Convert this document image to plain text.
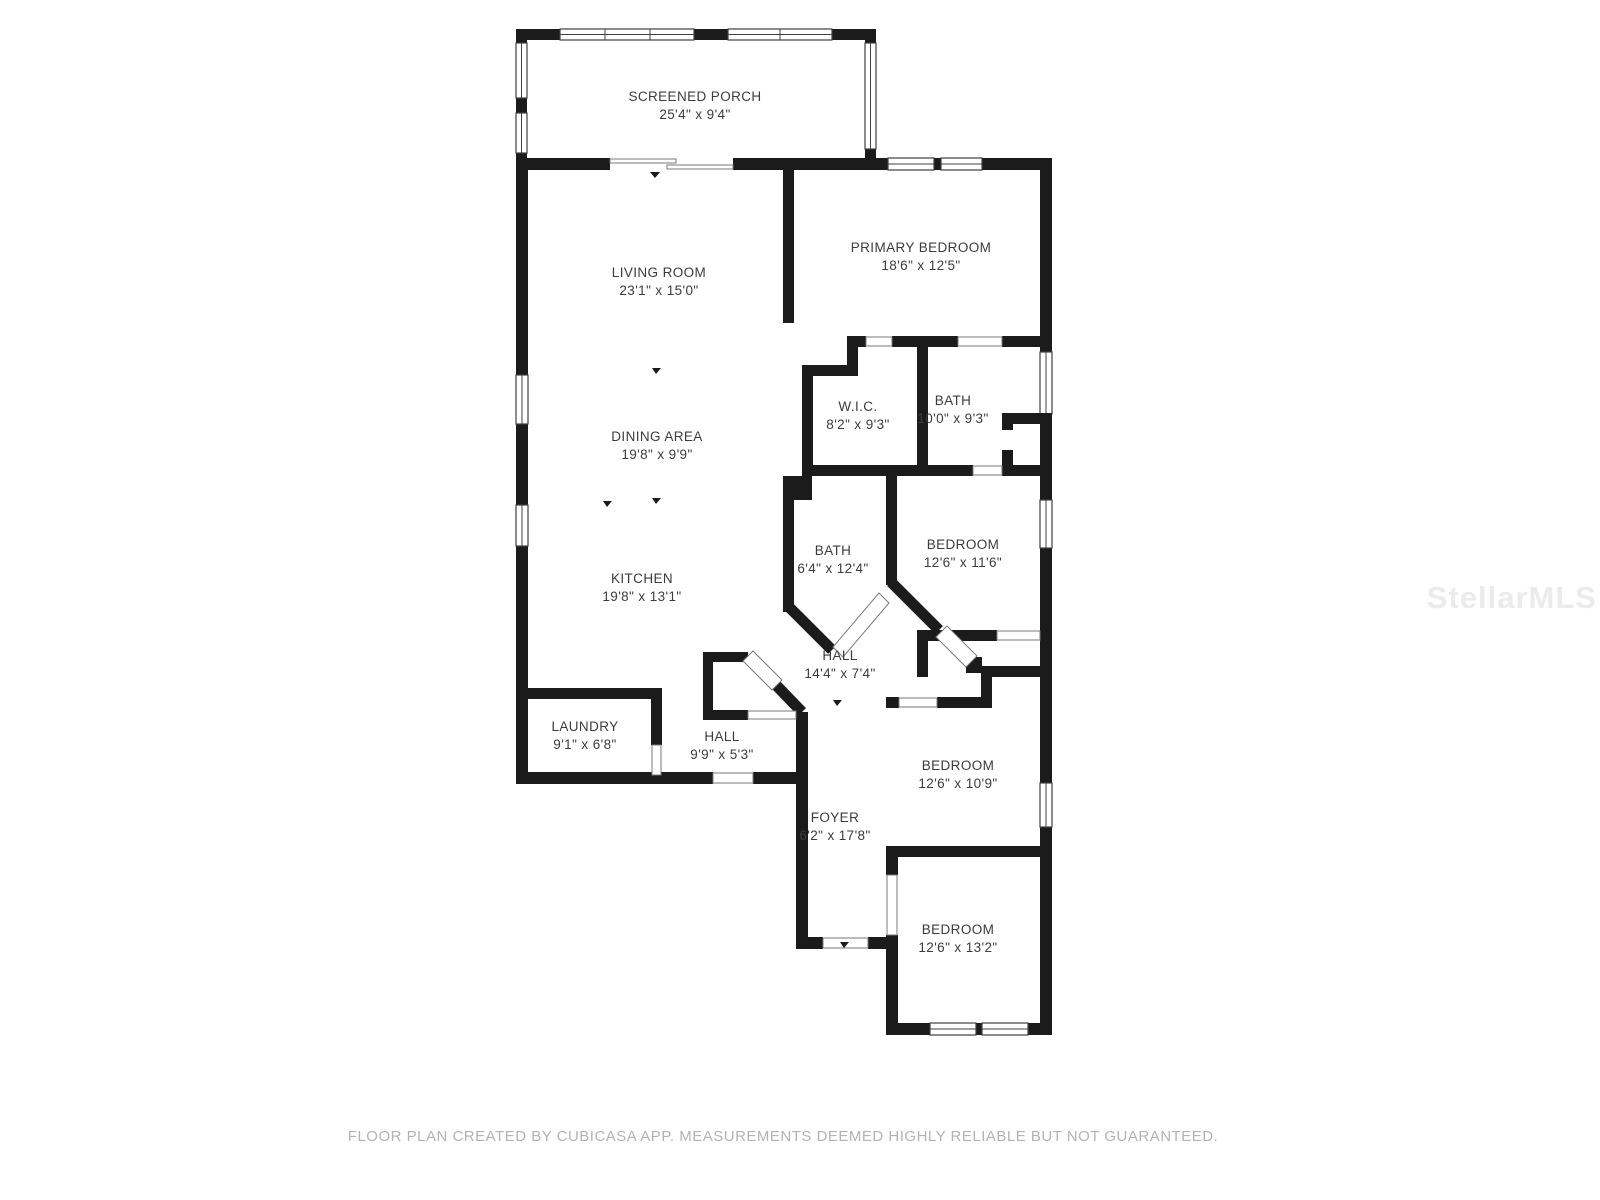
SCREENED PORCH
25'4" x 9'4"
LIVING ROOM
23'1" x 15'0"
PRIMARY BEDROOM
18'6" x 12'5"
W.I.C.
8'2" x 9'3"
BATH
10'0" x 9'3"
DINING AREA
19'8" x 9'9"
BATH
6'4" x 12'4"
BEDROOM
12'6" x 11'6"
KITCHEN
19'8" x 13'1"
HALL
14'4" x 7'4"
LAUNDRY
9'1" x 6'8"
HALL
9'9" x 5'3"
BEDROOM
12'6" x 10'9"
FOYER
6'2" x 17'8"
BEDROOM
12'6" x 13'2"
StellarMLS
FLOOR PLAN CREATED BY CUBICASA APP. MEASUREMENTS DEEMED HIGHLY RELIABLE BUT NOT GUARANTEED.
